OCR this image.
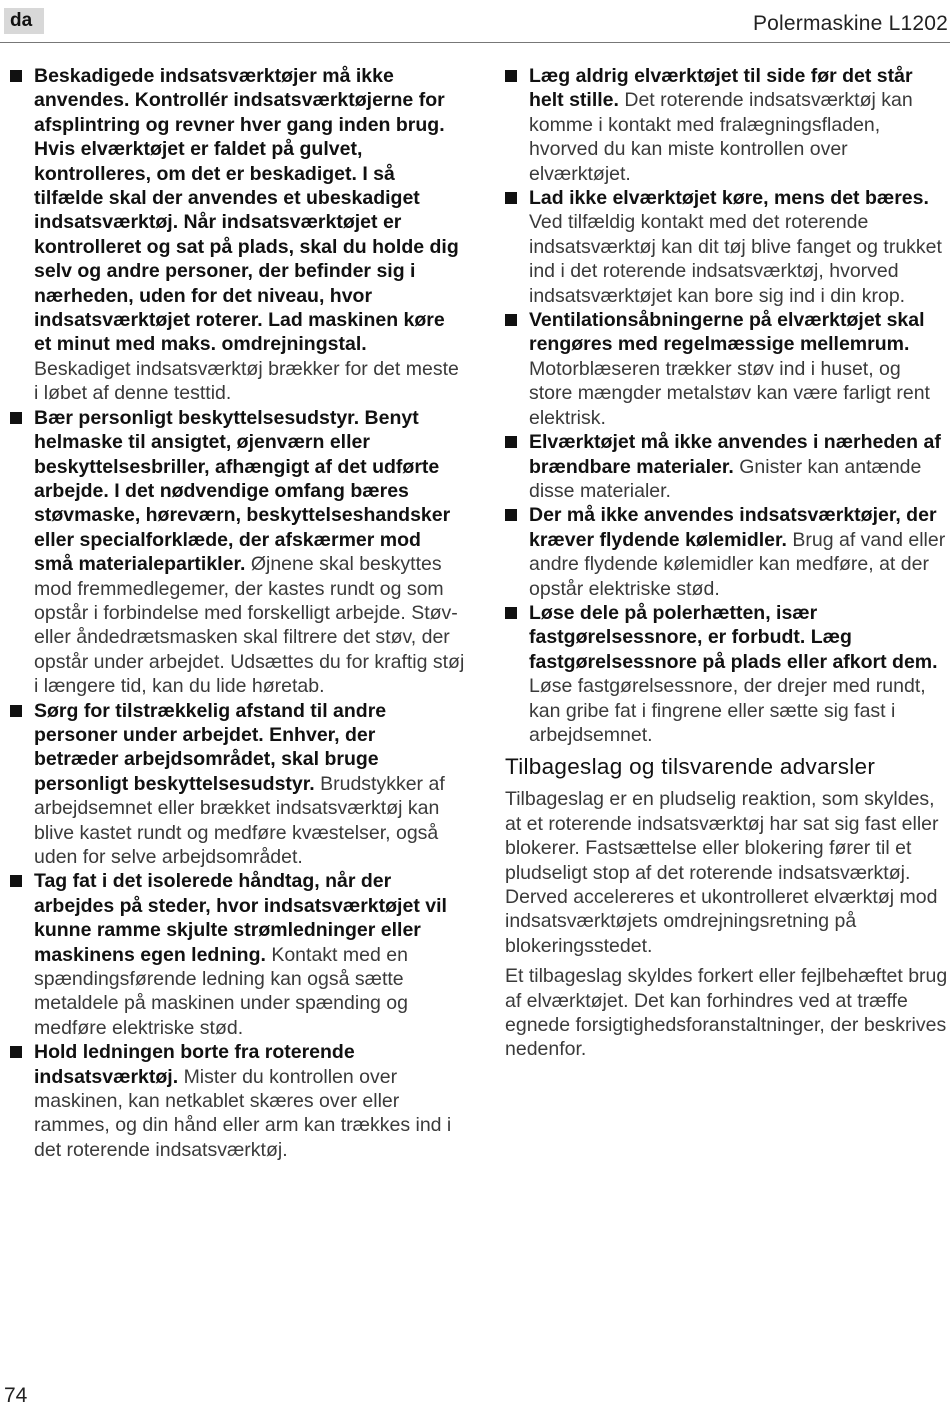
da	Polermaskine L1202
Beskadigede indsatsværktøjer må ikke anvendes. Kontrollér indsatsværktøjerne for afsplintring og revner hver gang inden brug. Hvis elværktøjet er faldet på gulvet, kontrolleres, om det er beskadiget. I så tilfælde skal der anvendes et ubeskadiget indsatsværktøj. Når indsatsværktøjet er kontrolleret og sat på plads, skal du holde dig selv og andre personer, der befinder sig i nærheden, uden for det niveau, hvor indsatsværktøjet roterer. Lad maskinen køre et minut med maks. omdrejningstal. Beskadiget indsatsværktøj brækker for det meste i løbet af denne testtid.
Bær personligt beskyttelsesudstyr. Benyt helmaske til ansigtet, øjenværn eller beskyttelsesbriller, afhængigt af det udførte arbejde. I det nødvendige omfang bæres støvmaske, høreværn, beskyttelseshandsker eller specialforklæde, der afskærmer mod små materialepartikler. Øjnene skal beskyttes mod fremmedlegemer, der kastes rundt og som opstår i forbindelse med forskelligt arbejde. Støv- eller åndedrætsmasken skal filtrere det støv, der opstår under arbejdet. Udsættes du for kraftig støj i længere tid, kan du lide høretab.
Sørg for tilstrækkelig afstand til andre personer under arbejdet. Enhver, der betræder arbejdsområdet, skal bruge personligt beskyttelsesudstyr. Brudstykker af arbejdsemnet eller brækket indsatsværktøj kan blive kastet rundt og medføre kvæstelser, også uden for selve arbejdsområdet.
Tag fat i det isolerede håndtag, når der arbejdes på steder, hvor indsatsværktøjet vil kunne ramme skjulte strømledninger eller maskinens egen ledning. Kontakt med en spændingsførende ledning kan også sætte metaldele på maskinen under spænding og medføre elektriske stød.
Hold ledningen borte fra roterende indsatsværktøj. Mister du kontrollen over maskinen, kan netkablet skæres over eller rammes, og din hånd eller arm kan trækkes ind i det roterende indsatsværktøj.
Læg aldrig elværktøjet til side før det står helt stille. Det roterende indsatsværktøj kan komme i kontakt med fralægningsfladen, hvorved du kan miste kontrollen over elværktøjet.
Lad ikke elværktøjet køre, mens det bæres. Ved tilfældig kontakt med det roterende indsatsværktøj kan dit tøj blive fanget og trukket ind i det roterende indsatsværktøj, hvorved indsatsværktøjet kan bore sig ind i din krop.
Ventilationsåbningerne på elværktøjet skal rengøres med regelmæssige mellemrum. Motorblæseren trækker støv ind i huset, og store mængder metalstøv kan være farligt rent elektrisk.
Elværktøjet må ikke anvendes i nærheden af brændbare materialer. Gnister kan antænde disse materialer.
Der må ikke anvendes indsatsværktøjer, der kræver flydende kølemidler. Brug af vand eller andre flydende kølemidler kan medføre, at der opstår elektriske stød.
Løse dele på polerhætten, især fastgørelsessnore, er forbudt. Læg fastgørelsessnore på plads eller afkort dem. Løse fastgørelsessnore, der drejer med rundt, kan gribe fat i fingrene eller sætte sig fast i arbejdsemnet.
Tilbageslag og tilsvarende advarsler
Tilbageslag er en pludselig reaktion, som skyldes, at et roterende indsatsværktøj har sat sig fast eller blokerer. Fastsættelse eller blokering fører til et pludseligt stop af det roterende indsatsværktøj. Derved accelereres et ukontrolleret elværktøj mod indsatsværktøjets omdrejningsretning på blokeringsstedet.
Et tilbageslag skyldes forkert eller fejlbehæftet brug af elværktøjet. Det kan forhindres ved at træffe egnede forsigtighedsforanstaltninger, der beskrives nedenfor.
74
